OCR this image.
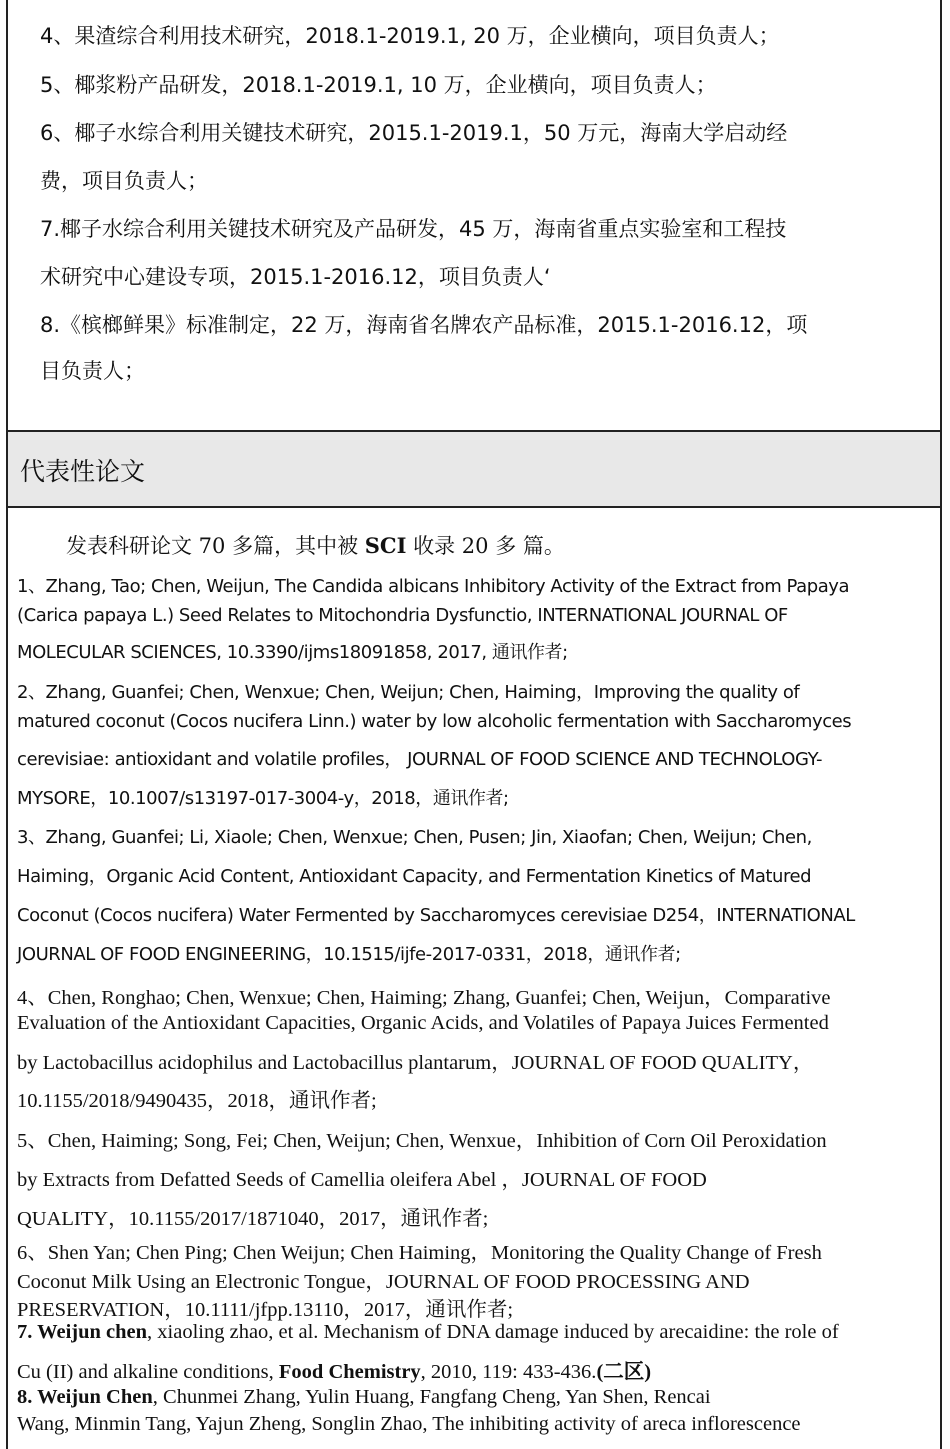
4、果渣综合利用技术研究，2018.1-2019.1, 20 万，企业横向，项目负责人；

5、椰浆粉产品研发，2018.1-2019.1, 10 万，企业横向，项目负责人；

6、椰子水综合利用关键技术研究，2015.1-2019.1，50 万元，海南大学启动经

费，项目负责人；

7.椰子水综合利用关键技术研究及产品研发，45 万，海南省重点实验室和工程技

术研究中心建设专项，2015.1-2016.12，项目负责人‘

8.《槟榔鲜果》标准制定，22 万，海南省名牌农产品标准，2015.1-2016.12，项

目负责人；

代表性论文

发表科研论文 70 多篇，其中被 SCI 收录 20 多 篇。

1、Zhang, Tao; Chen, Weijun, The Candida albicans Inhibitory Activity of the Extract from Papaya

(Carica papaya L.) Seed Relates to Mitochondria Dysfunctio, INTERNATIONAL JOURNAL OF

MOLECULAR SCIENCES, 10.3390/ijms18091858, 2017, 通讯作者;

2、Zhang, Guanfei; Chen, Wenxue; Chen, Weijun; Chen, Haiming，Improving the quality of

matured coconut (Cocos nucifera Linn.) water by low alcoholic fermentation with Saccharomyces

cerevisiae: antioxidant and volatile profiles， JOURNAL OF FOOD SCIENCE AND TECHNOLOGY-

MYSORE，10.1007/s13197-017-3004-y，2018，通讯作者;

3、Zhang, Guanfei; Li, Xiaole; Chen, Wenxue; Chen, Pusen; Jin, Xiaofan; Chen, Weijun; Chen,

Haiming，Organic Acid Content, Antioxidant Capacity, and Fermentation Kinetics of Matured

Coconut (Cocos nucifera) Water Fermented by Saccharomyces cerevisiae D254，INTERNATIONAL

JOURNAL OF FOOD ENGINEERING，10.1515/ijfe-2017-0331，2018，通讯作者;

4、Chen, Ronghao; Chen, Wenxue; Chen, Haiming; Zhang, Guanfei; Chen, Weijun，Comparative

Evaluation of the Antioxidant Capacities, Organic Acids, and Volatiles of Papaya Juices Fermented

by Lactobacillus acidophilus and Lactobacillus plantarum，JOURNAL OF FOOD QUALITY，

10.1155/2018/9490435，2018，通讯作者;

5、Chen, Haiming; Song, Fei; Chen, Weijun; Chen, Wenxue，Inhibition of Corn Oil Peroxidation

by Extracts from Defatted Seeds of Camellia oleifera Abel ，JOURNAL OF FOOD

QUALITY，10.1155/2017/1871040，2017，通讯作者;

6、Shen Yan; Chen Ping; Chen Weijun; Chen Haiming，Monitoring the Quality Change of Fresh

Coconut Milk Using an Electronic Tongue，JOURNAL OF FOOD PROCESSING AND

PRESERVATION，10.1111/jfpp.13110，2017，通讯作者;

7. Weijun chen, xiaoling zhao, et al. Mechanism of DNA damage induced by arecaidine: the role of

Cu (II) and alkaline conditions, Food Chemistry, 2010, 119: 433-436.(二区)

8. Weijun Chen, Chunmei Zhang, Yulin Huang, Fangfang Cheng, Yan Shen, Rencai

Wang, Minmin Tang, Yajun Zheng, Songlin Zhao, The inhibiting activity of areca inflorescence
